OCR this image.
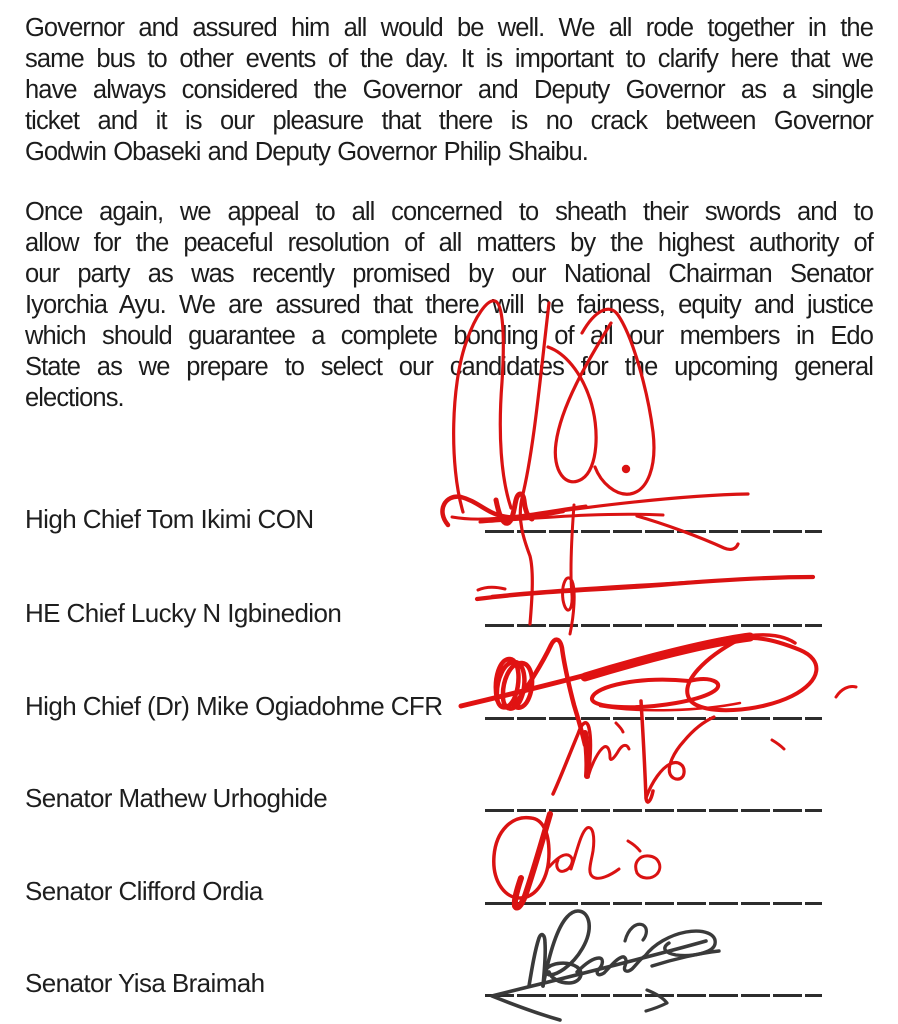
Governor and assured him all would be well. We all rode together in the
same bus to other events of the day. It is important to clarify here that we
have always considered the Governor and Deputy Governor as a single
ticket and it is our pleasure that there is no crack between Governor
Godwin Obaseki and Deputy Governor Philip Shaibu.
Once again, we appeal to all concerned to sheath their swords and to
allow for the peaceful resolution of all matters by the highest authority of
our party as was recently promised by our National Chairman Senator
Iyorchia Ayu. We are assured that there will be fairness, equity and justice
which should guarantee a complete bonding of all our members in Edo
State as we prepare to select our candidates for the upcoming general
elections.
High Chief Tom Ikimi CON
HE Chief Lucky N Igbinedion
High Chief (Dr) Mike Ogiadohme CFR
Senator Mathew Urhoghide
Senator Clifford Ordia
Senator Yisa Braimah
